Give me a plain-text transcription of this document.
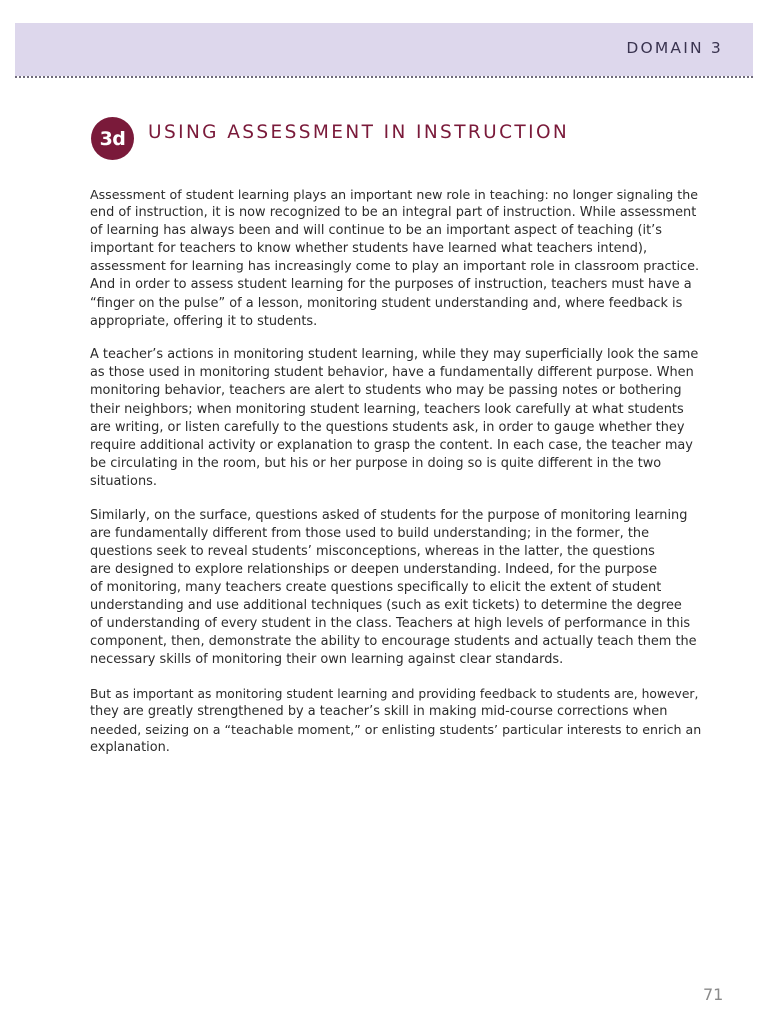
DOMAIN 3
3d	USING ASSESSMENT IN INSTRUCTION

Assessment of student learning plays an important new role in teaching: no longer signaling the
end of instruction, it is now recognized to be an integral part of instruction. While assessment
of learning has always been and will continue to be an important aspect of teaching (it’s
important for teachers to know whether students have learned what teachers intend),
assessment for learning has increasingly come to play an important role in classroom practice.
And in order to assess student learning for the purposes of instruction, teachers must have a
“finger on the pulse” of a lesson, monitoring student understanding and, where feedback is
appropriate, offering it to students.

A teacher’s actions in monitoring student learning, while they may superficially look the same
as those used in monitoring student behavior, have a fundamentally different purpose. When
monitoring behavior, teachers are alert to students who may be passing notes or bothering
their neighbors; when monitoring student learning, teachers look carefully at what students
are writing, or listen carefully to the questions students ask, in order to gauge whether they
require additional activity or explanation to grasp the content. In each case, the teacher may
be circulating in the room, but his or her purpose in doing so is quite different in the two
situations.

Similarly, on the surface, questions asked of students for the purpose of monitoring learning
are fundamentally different from those used to build understanding; in the former, the
questions seek to reveal students’ misconceptions, whereas in the latter, the questions
are designed to explore relationships or deepen understanding. Indeed, for the purpose
of monitoring, many teachers create questions specifically to elicit the extent of student
understanding and use additional techniques (such as exit tickets) to determine the degree
of understanding of every student in the class. Teachers at high levels of performance in this
component, then, demonstrate the ability to encourage students and actually teach them the
necessary skills of monitoring their own learning against clear standards.

But as important as monitoring student learning and providing feedback to students are, however,
they are greatly strengthened by a teacher’s skill in making mid-course corrections when
needed, seizing on a “teachable moment,” or enlisting students’ particular interests to enrich an
explanation.

71
